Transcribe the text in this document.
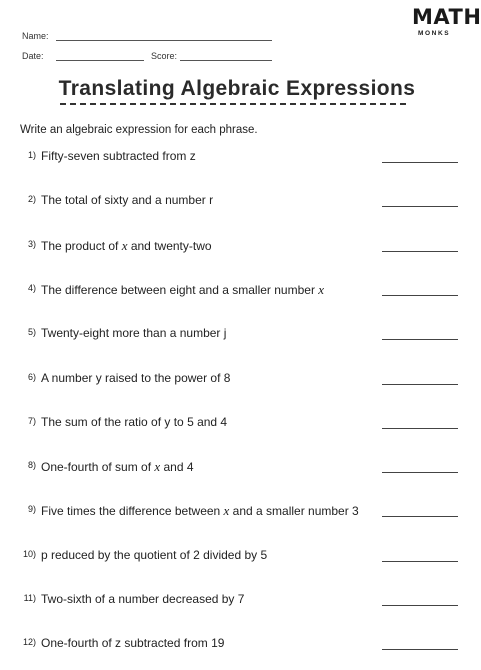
Name:
Date:	Score:
MATH
MONKS
Translating Algebraic Expressions
Write an algebraic expression for each phrase.
1) Fifty-seven subtracted from z
2) The total of sixty and a number r
3) The product of x and twenty-two
4) The difference between eight and a smaller number x
5) Twenty-eight more than a number j
6) A number y raised to the power of 8
7) The sum of the ratio of y to 5 and 4
8) One-fourth of sum of x and 4
9) Five times the difference between x and a smaller number 3
10) p reduced by the quotient of 2 divided by 5
11) Two-sixth of a number decreased by 7
12) One-fourth of z subtracted from 19
